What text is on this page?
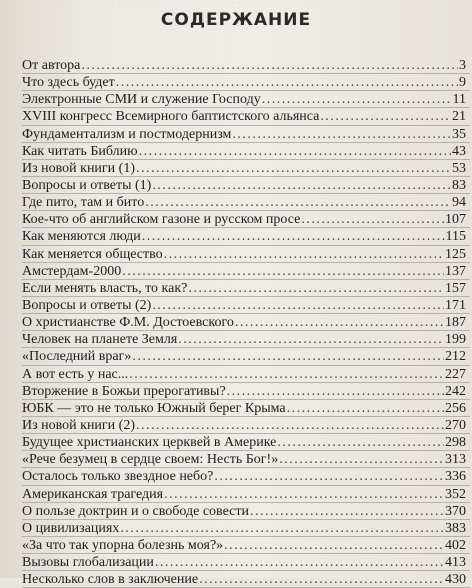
· · · · · · · · · · · · · · · · · · · · · · · · · · · · · · · · · · · · · · · · · · · · · · · · · ·
СОДЕРЖАНИЕ
От автора . . .	3
Что здесь будет . . .	9
Электронные СМИ и служение Господу . . .	11
XVIII конгресс Всемирного баптистского альянса . . .	21
Фундаментализм и постмодернизм . . .	35
Как читать Библию . . .	43
Из новой книги (1) . . .	53
Вопросы и ответы (1) . . .	83
Где пито, там и бито . . .	94
Кое-что об английском газоне и русском просе . . .	107
Как меняются люди . . .	115
Как меняется общество . . .	125
Амстердам-2000 . . .	137
Если менять власть, то как? . . .	157
Вопросы и ответы (2) . . .	171
О христианстве Ф.М. Достоевского . . .	187
Человек на планете Земля . . .	199
«Последний враг» . . .	212
А вот есть у нас... . . .	227
Вторжение в Божьи прерогативы? . . .	242
ЮБК — это не только Южный берег Крыма . . .	256
Из новой книги (2) . . .	270
Будущее христианских церквей в Америке . . .	298
«Рече безумец в сердце своем: Несть Бог!» . . .	313
Осталось только звездное небо? . . .	336
Американская трагедия . . .	352
О пользе доктрин и о свободе совести . . .	370
О цивилизациях . . .	383
«За что так упорна болезнь моя?» . . .	402
Вызовы глобализации . . .	413
Несколько слов в заключение . . .	430
